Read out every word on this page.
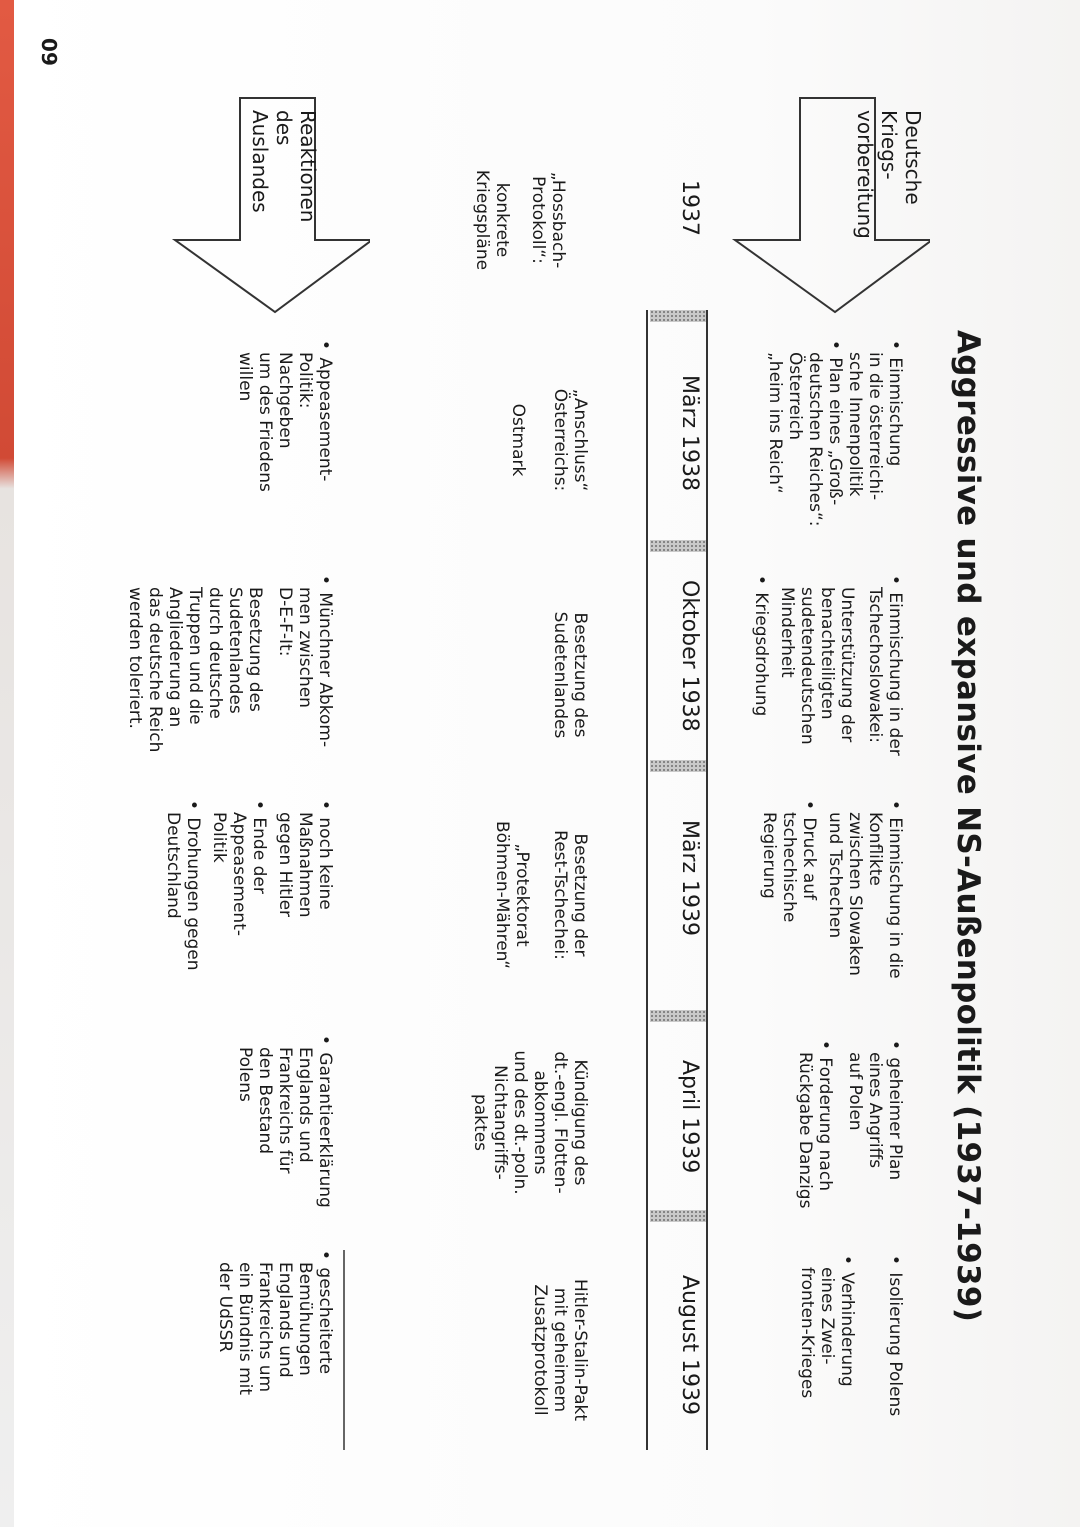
60
Aggressive und expansive NS-Außenpolitik (1937-1939)
Deutsche
Kriegs-
vorbereitung
1937
„Hossbach-
Protokoll“:
konkrete
Kriegspläne
Reaktionen
des
Auslandes
März 1938
Oktober 1938
März 1939
April 1939
August 1939
• Einmischung
in die österreichi-
sche Innenpolitik
• Plan eines „Groß-
deutschen Reiches“:
Österreich
„heim ins Reich“
„Anschluss“
Österreichs:
Ostmark
• Appeasement-
Politik:
Nachgeben
um des Friedens
willen
• Einmischung in der
Tschechoslowakei:
Unterstützung der
benachteiligten
sudetendeutschen
Minderheit
• Kriegsdrohung
Besetzung des
Sudetenlandes
• Münchner Abkom-
men zwischen
D-E-F-It:
Besetzung des
Sudetenlandes
durch deutsche
Truppen und die
Angliederung an
das deutsche Reich
werden toleriert.
• Einmischung in die
Konflikte
zwischen Slowaken
und Tschechen
• Druck auf
tschechische
Regierung
Besetzung der
Rest-Tschechei:
„Protektorat
Böhmen-Mähren“
• noch keine
Maßnahmen
gegen Hitler
• Ende der
Appeasement-
Politik
• Drohungen gegen
Deutschland
• geheimer Plan
eines Angriffs
auf Polen
• Forderung nach
Rückgabe Danzigs
Kündigung des
dt.-engl. Flotten-
abkommens
und des dt.-poln.
Nichtangriffs-
paktes
• Garantieerklärung
Englands und
Frankreichs für
den Bestand
Polens
• Isolierung Polens
• Verhinderung
eines Zwei-
fronten-Krieges
Hitler-Stalin-Pakt
mit geheimem
Zusatzprotokoll
• gescheiterte
Bemühungen
Englands und
Frankreichs um
ein Bündnis mit
der UdSSR
